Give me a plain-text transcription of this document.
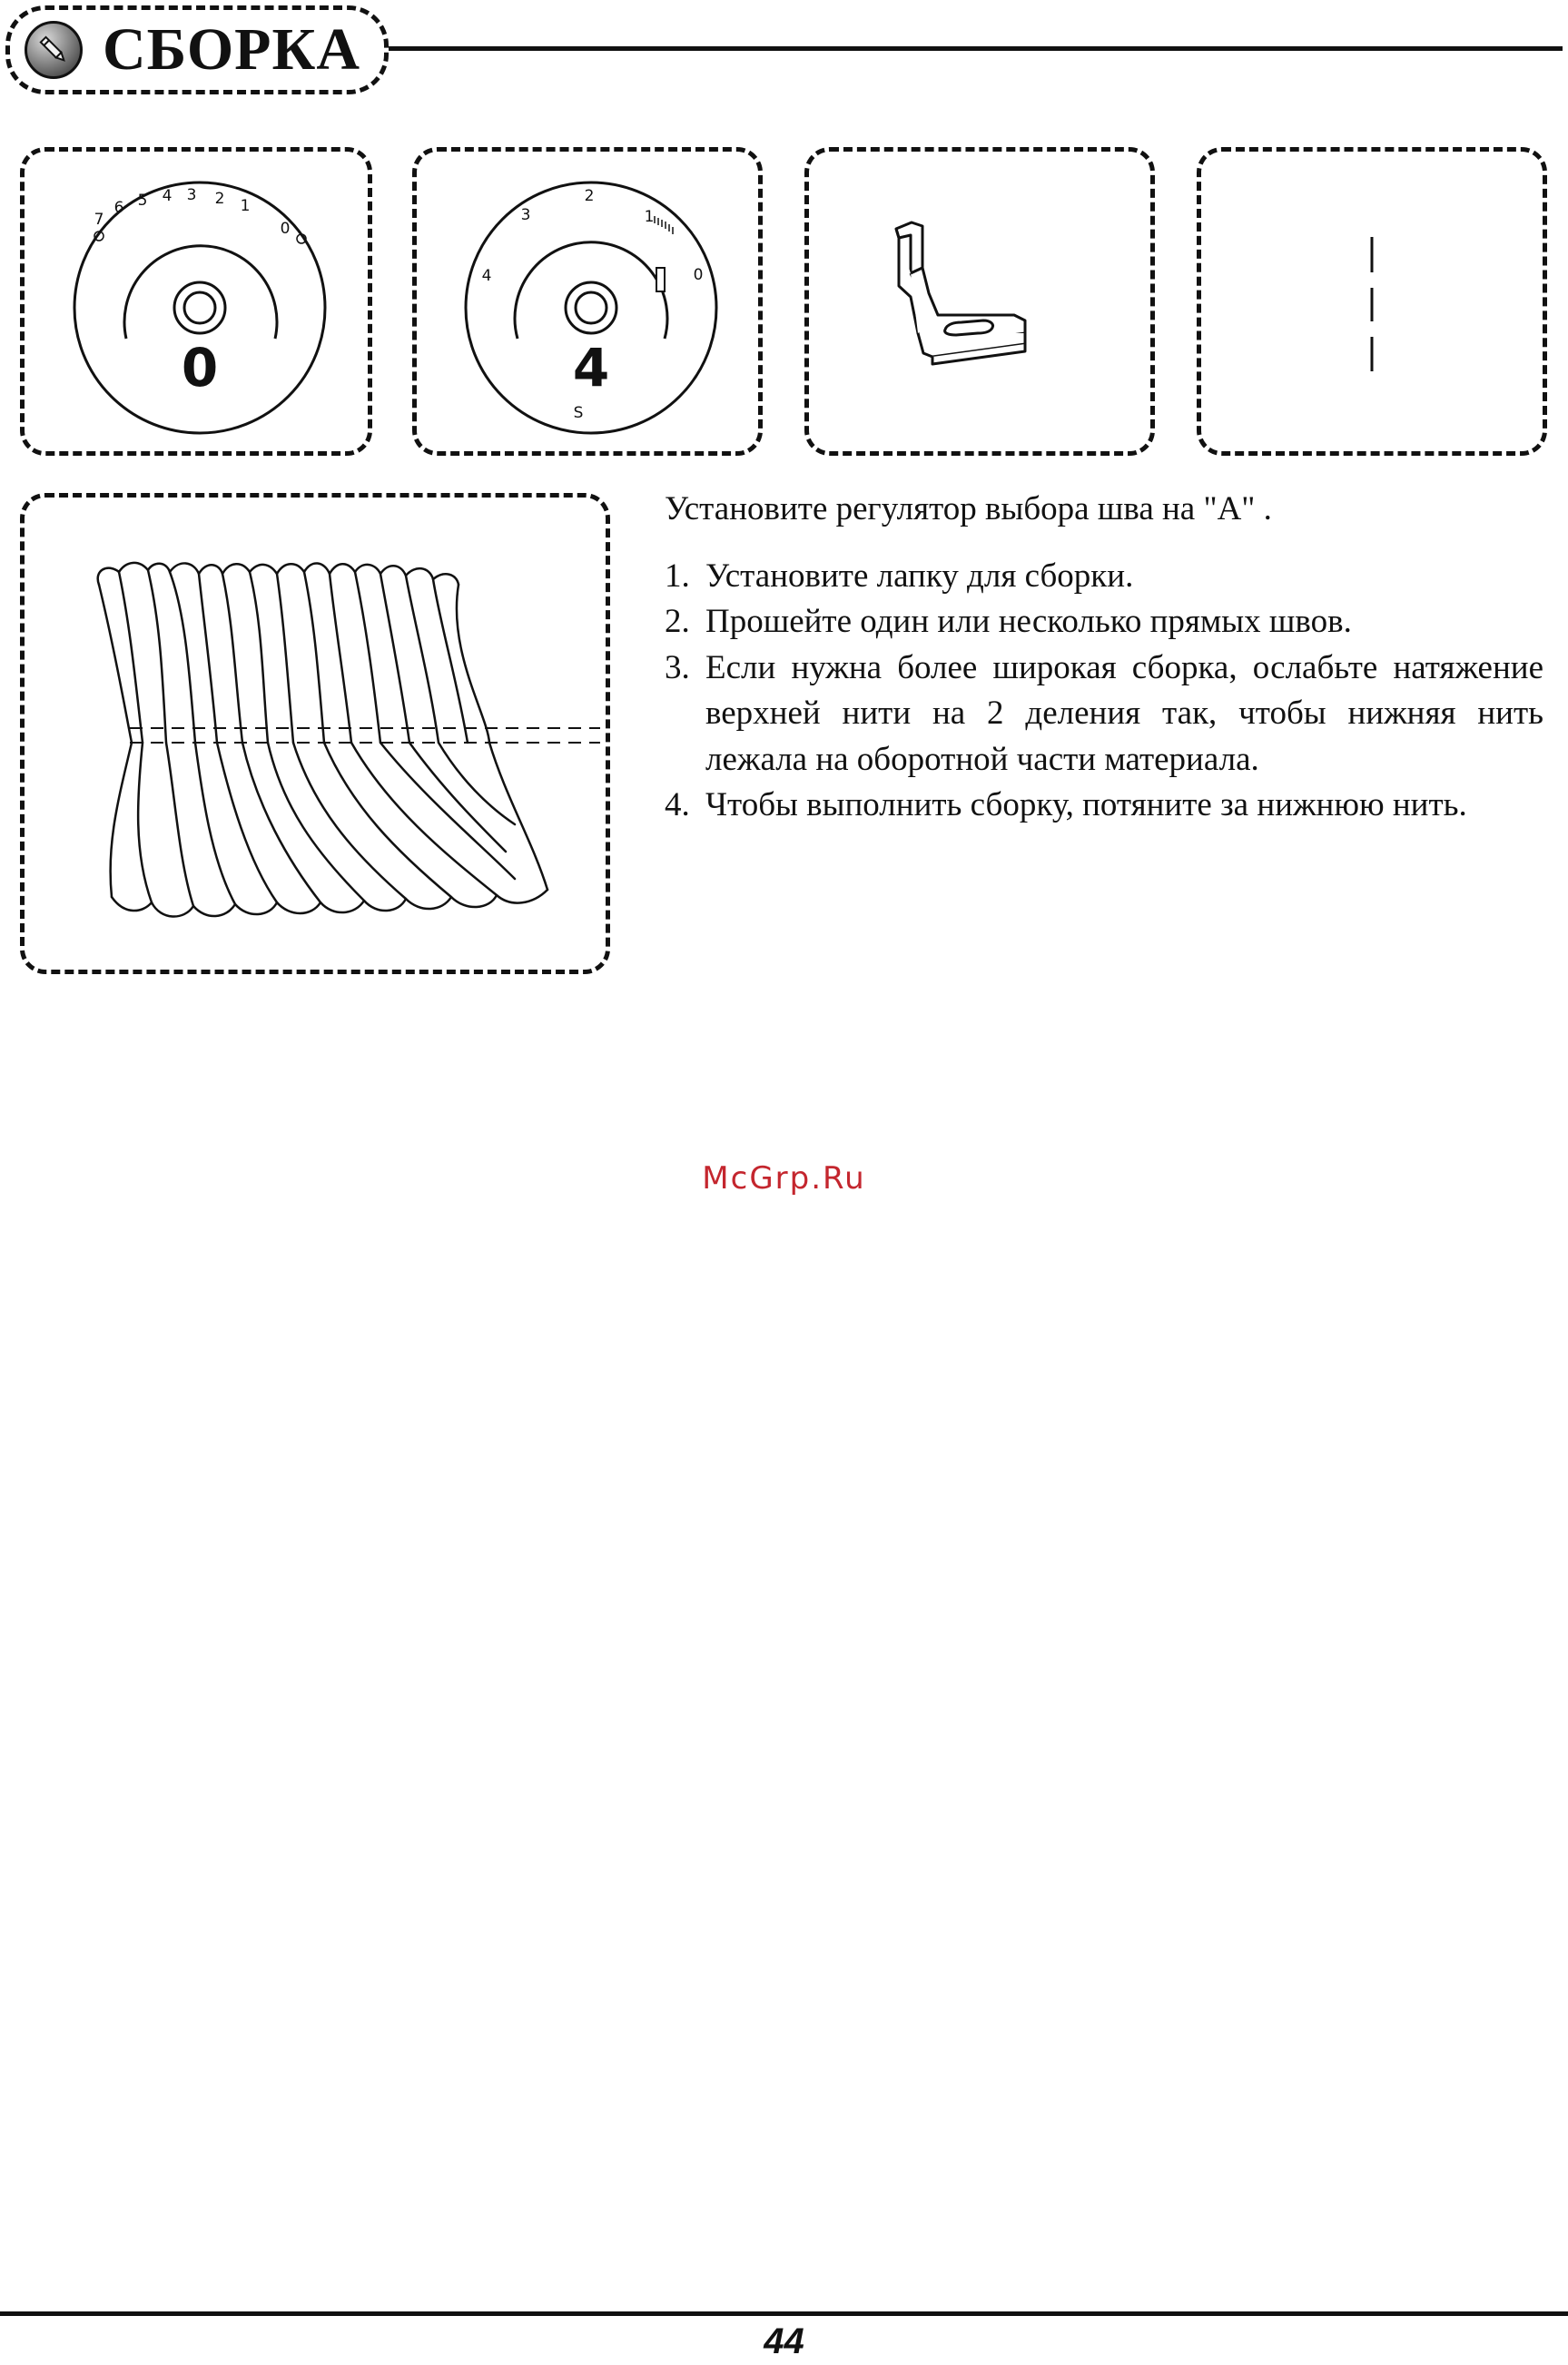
СБОРКА
7
6 5 4 3 2 1
0
0
4
3
2
1
0
S
4

Установите регулятор выбора шва на "А" .

1. Установите лапку для сборки.
2. Прошейте один или несколько прямых швов.
3. Если нужна более широкая сборка, ослабьте натяжение верхней нити на 2 деления так, чтобы нижняя нить лежала на оборотной части материала.
4. Чтобы выполнить сборку, потяните за нижнюю нить.
McGrp.Ru
44
